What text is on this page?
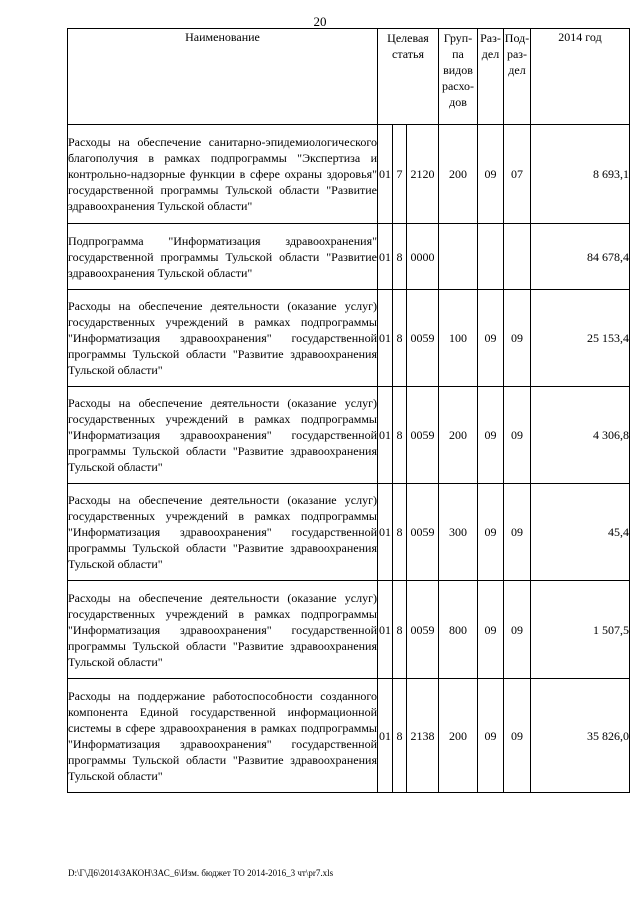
20
Наименование	Целевая статья			Груп-па видов расхо-дов	Раз-дел	Под-раз-дел	2014 год
Расходы на обеспечение санитарно-эпидемиологического благополучия в рамках подпрограммы "Экспертиза и контрольно-надзорные функции в сфере охраны здоровья" государственной программы Тульской области "Развитие здравоохранения Тульской области"	01	7	2120	200	09	07	8 693,1
Подпрограмма "Информатизация здравоохранения" государственной программы Тульской области "Развитие здравоохранения Тульской области"	01	8	0000				84 678,4
Расходы на обеспечение деятельности (оказание услуг) государственных учреждений в рамках подпрограммы "Информатизация здравоохранения" государственной программы Тульской области "Развитие здравоохранения Тульской области"	01	8	0059	100	09	09	25 153,4
Расходы на обеспечение деятельности (оказание услуг) государственных учреждений в рамках подпрограммы "Информатизация здравоохранения" государственной программы Тульской области "Развитие здравоохранения Тульской области"	01	8	0059	200	09	09	4 306,8
Расходы на обеспечение деятельности (оказание услуг) государственных учреждений в рамках подпрограммы "Информатизация здравоохранения" государственной программы Тульской области "Развитие здравоохранения Тульской области"	01	8	0059	300	09	09	45,4
Расходы на обеспечение деятельности (оказание услуг) государственных учреждений в рамках подпрограммы "Информатизация здравоохранения" государственной программы Тульской области "Развитие здравоохранения Тульской области"	01	8	0059	800	09	09	1 507,5
Расходы на поддержание работоспособности созданного компонента Единой государственной информационной системы в сфере здравоохранения в рамках подпрограммы "Информатизация здравоохранения" государственной программы Тульской области "Развитие здравоохранения Тульской области"	01	8	2138	200	09	09	35 826,0
D:\Г\Д6\2014\ЗАКОН\ЗАС_6\Изм. бюджет ТО 2014-2016_3 чт\pr7.xls
